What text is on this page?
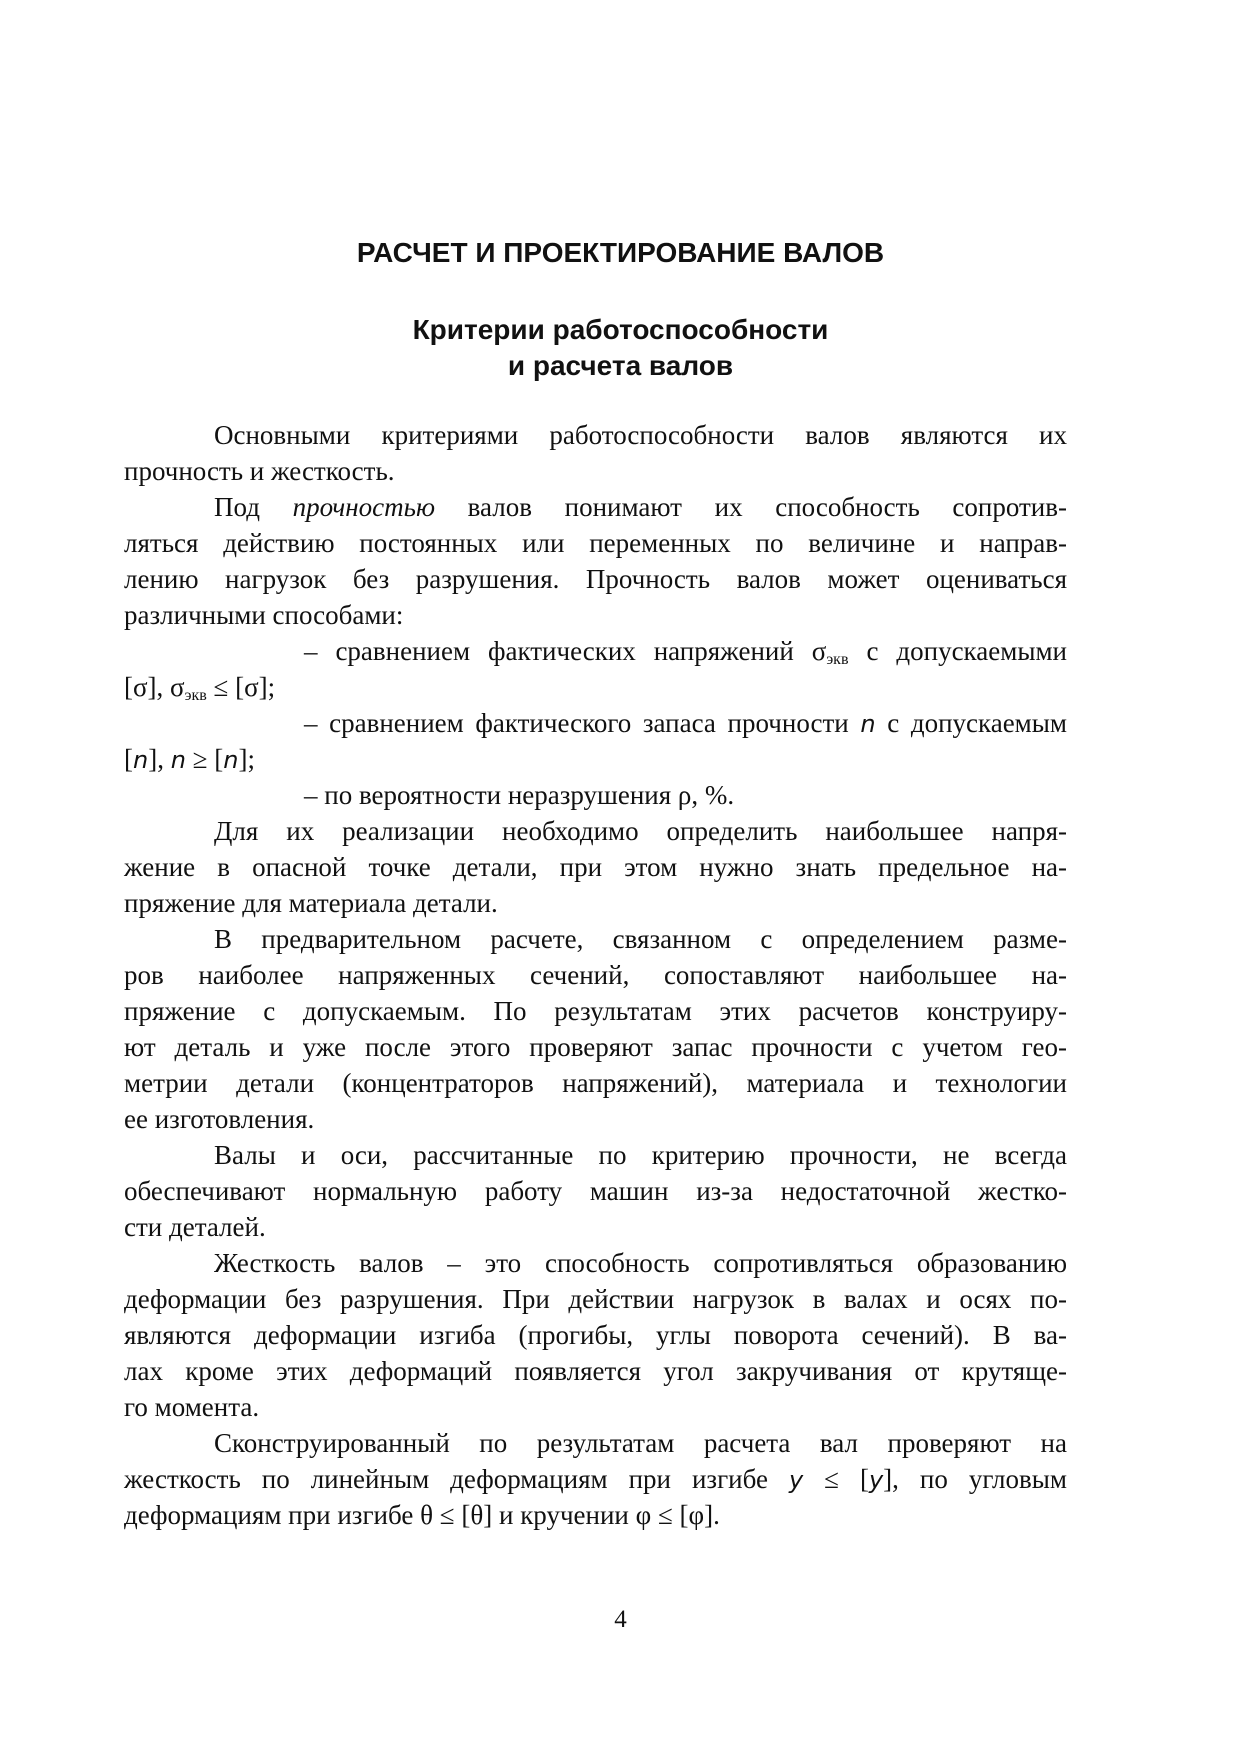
РАСЧЕТ И ПРОЕКТИРОВАНИЕ ВАЛОВ
Критерии работоспособности
и расчета валов
Основными критериями работоспособности валов являются их
прочность и жесткость.
Под прочностью валов понимают их способность сопротив-
ляться действию постоянных или переменных по величине и направ-
лению нагрузок без разрушения. Прочность валов может оцениваться
различными способами:
– сравнением фактических напряжений $\sigma_{экв}$ с допускаемыми
[σ], $\sigma_{экв} \le [\sigma]$;
– сравнением фактического запаса прочности n с допускаемым
[n], n ≥ [n];
– по вероятности неразрушения ρ, %.
Для их реализации необходимо определить наибольшее напря-
жение в опасной точке детали, при этом нужно знать предельное на-
пряжение для материала детали.
В предварительном расчете, связанном с определением разме-
ров наиболее напряженных сечений, сопоставляют наибольшее на-
пряжение с допускаемым. По результатам этих расчетов конструиру-
ют деталь и уже после этого проверяют запас прочности с учетом гео-
метрии детали (концентраторов напряжений), материала и технологии
ее изготовления.
Валы и оси, рассчитанные по критерию прочности, не всегда
обеспечивают нормальную работу машин из-за недостаточной жестко-
сти деталей.
Жесткость валов – это способность сопротивляться образованию
деформации без разрушения. При действии нагрузок в валах и осях по-
являются деформации изгиба (прогибы, углы поворота сечений). В ва-
лах кроме этих деформаций появляется угол закручивания от крутяще-
го момента.
Сконструированный по результатам расчета вал проверяют на
жесткость по линейным деформациям при изгибе y ≤ [y], по угловым
деформациям при изгибе θ ≤ [θ] и кручении φ ≤ [φ].
4
